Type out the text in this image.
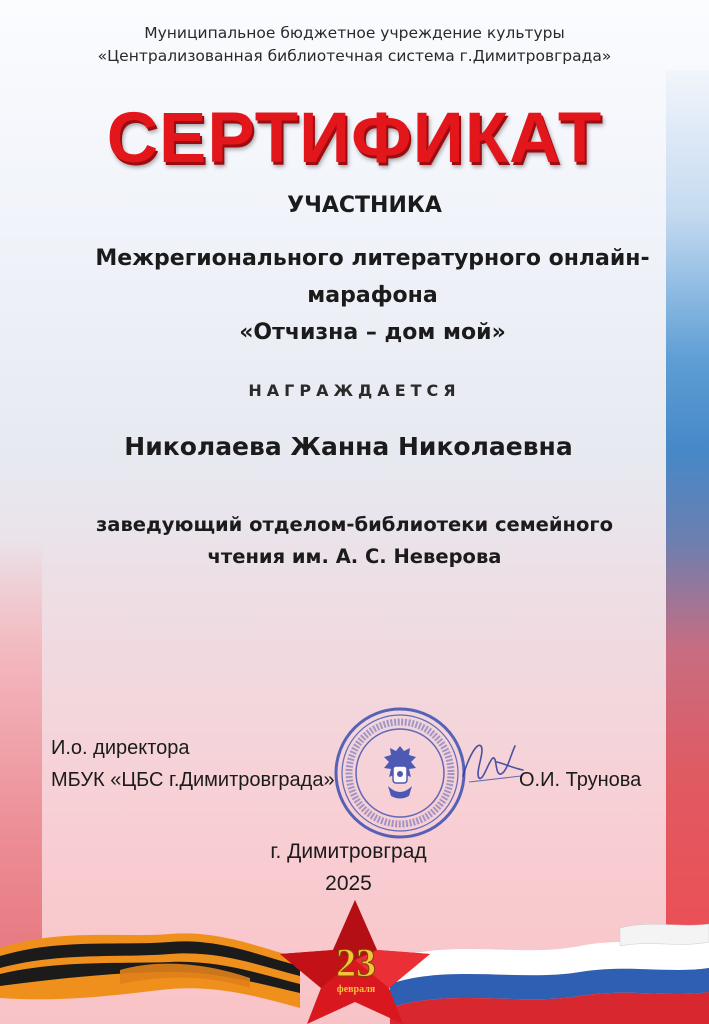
Муниципальное бюджетное учреждение культуры
«Централизованная библиотечная система г.Димитровграда»
СЕРТИФИКАТ
УЧАСТНИКА
Межрегионального литературного онлайн-
марафона
«Отчизна – дом мой»
НАГРАЖДАЕТСЯ
Николаева Жанна Николаевна
заведующий отделом-библиотеки семейного
чтения им. А. С. Неверова
И.о. директора
МБУК «ЦБС г.Димитровграда»	О.И. Трунова
г. Димитровград
2025
23
февраля
